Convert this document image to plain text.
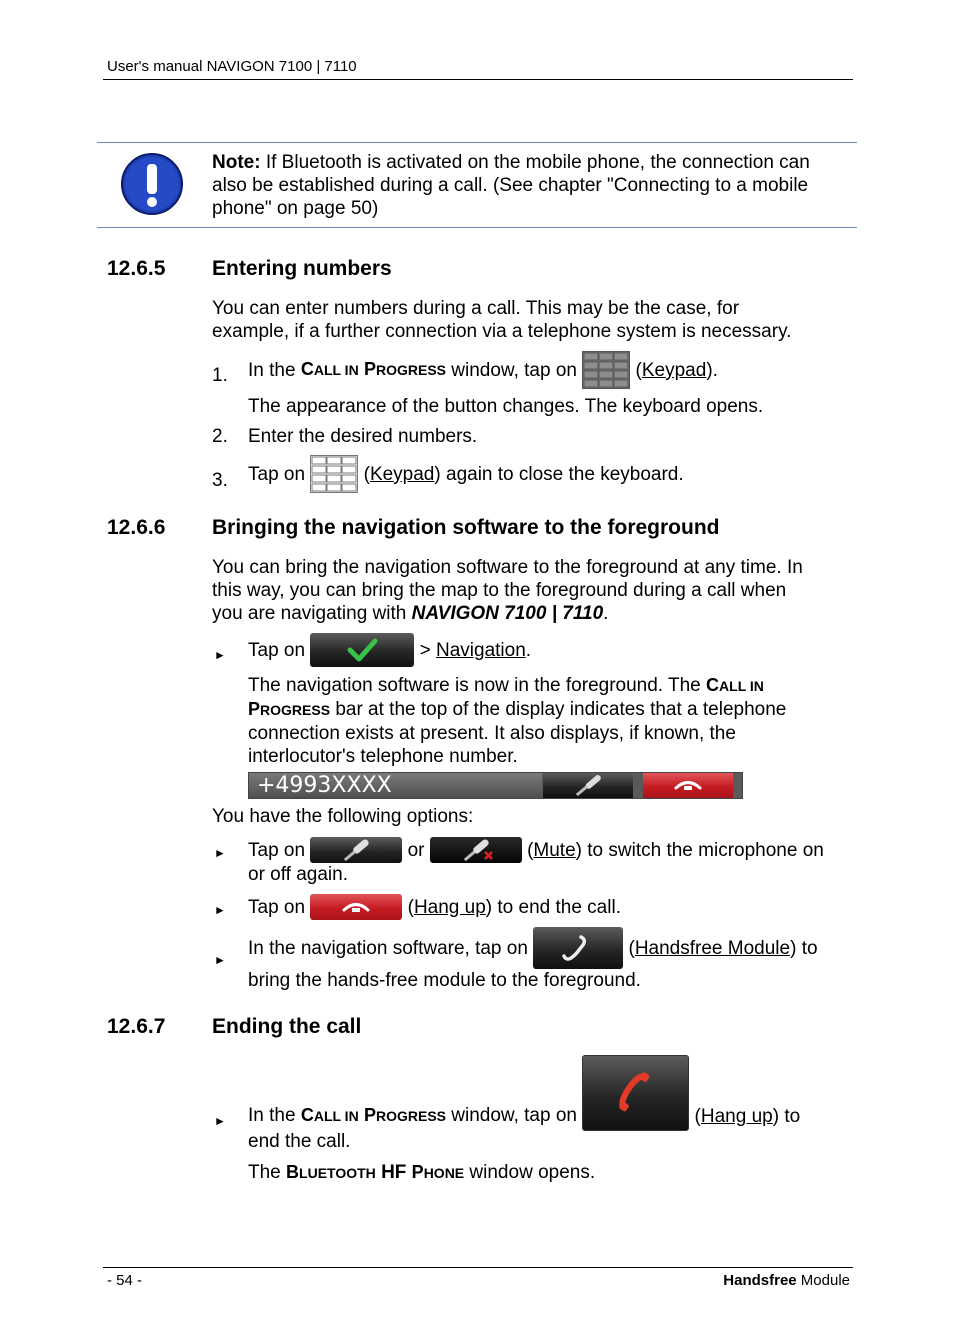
User's manual NAVIGON 7100 | 7110
Note: If Bluetooth is activated on the mobile phone, the connection can
also be established during a call. (See chapter "Connecting to a mobile
phone" on page 50)
12.6.5 Entering numbers
You can enter numbers during a call. This may be the case, for
example, if a further connection via a telephone system is necessary.
1. In the
CALL IN PROGRESS
window, tap on
	( Keypad ).
The appearance of the button changes. The keyboard opens.
2. Enter the desired numbers.
3. Tap on
	( Keypad ) again to close the keyboard.
12.6.6 Bringing the navigation software to the foreground
You can bring the navigation software to the foreground at any time. In
this way, you can bring the map to the foreground during a call when
you are navigating with NAVIGON 7100 | 7110.
► Tap on

	>
Navigation .
The navigation software is now in the foreground. The CALL IN
PROGRESS bar at the top of the display indicates that a telephone
connection exists at present. It also displays, if known, the
interlocutor's telephone number.
+4993XXXX
You have the following options:
► Tap on

	or
	( Mute ) to switch the microphone on
or off again.
► Tap on
	( Hang up ) to end the call.
►
In the navigation software, tap on
	( Handsfree Module ) to
bring the hands-free module to the foreground.
12.6.7 Ending the call
► In the CALL IN PROGRESS window, tap on	(Hang up) to
end the call.
The BLUETOOTH HF PHONE window opens.
- 54 -	Handsfree Module
